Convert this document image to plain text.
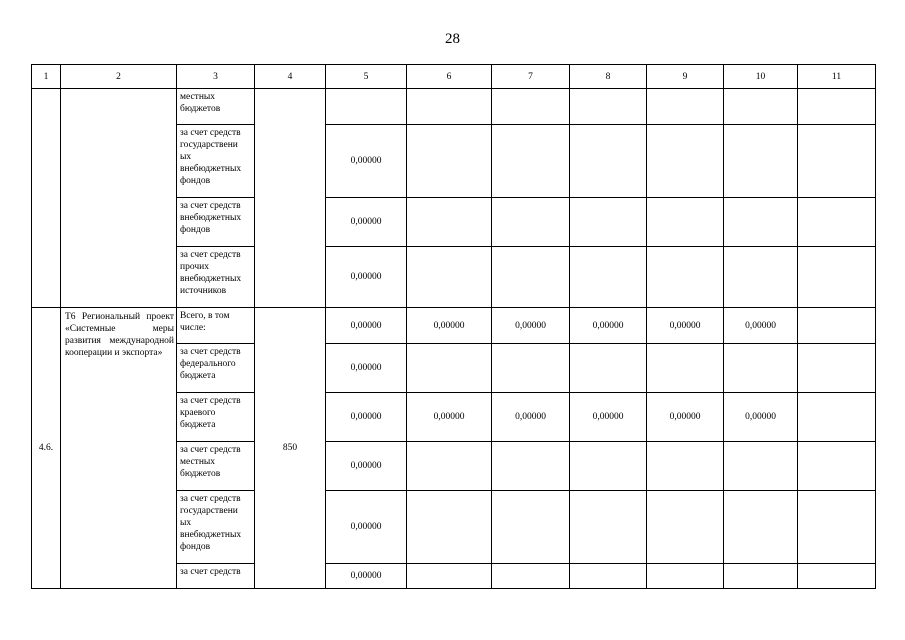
28
1	2	3	4	5	6	7	8	9	10	11
		местных бюджетов								
		за счет средств государствени ых внебюджетных фондов		0,00000						
		за счет средств внебюджетных фондов		0,00000						
		за счет средств прочих внебюджетных источников		0,00000						
4.6.	Т6 Региональный проект «Системные меры развития международной кооперации и экспорта»	Всего, в том числе:	850	0,00000	0,00000	0,00000	0,00000	0,00000	0,00000	
		за счет средств федерального бюджета		0,00000						
		за счет средств краевого бюджета		0,00000	0,00000	0,00000	0,00000	0,00000	0,00000	
		за счет средств местных бюджетов		0,00000						
		за счет средств государствени ых внебюджетных фондов		0,00000						
		за счет средств		0,00000						
